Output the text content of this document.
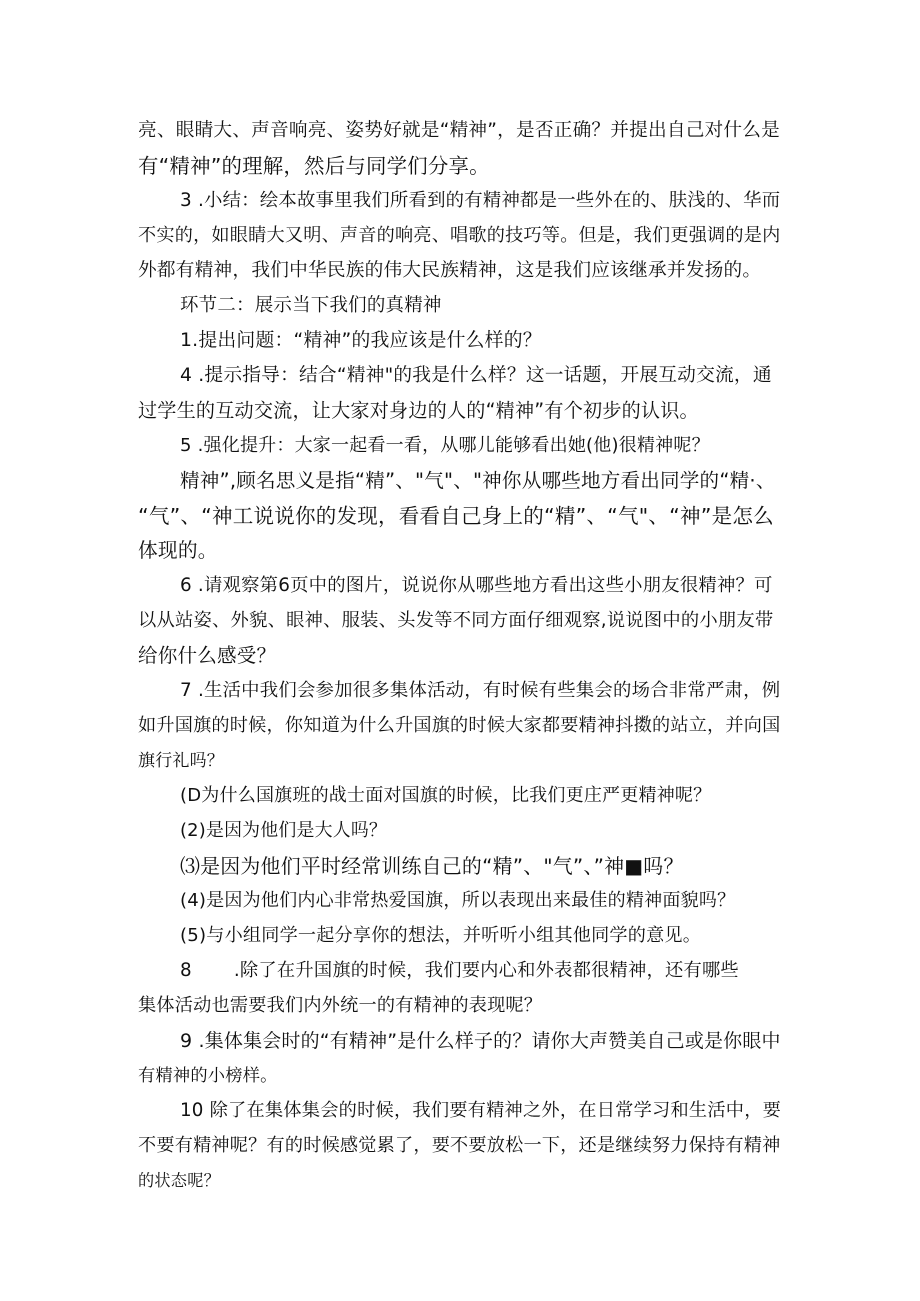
亮、眼睛大、声音响亮、姿势好就是“精神”，是否正确？并提出自己对什么是
有“精神”的理解，然后与同学们分享。
3 .小结：绘本故事里我们所看到的有精神都是一些外在的、肤浅的、华而
不实的，如眼睛大又明、声音的响亮、唱歌的技巧等。但是，我们更强调的是内
外都有精神，我们中华民族的伟大民族精神，这是我们应该继承并发扬的。
环节二：展示当下我们的真精神
1.提出问题：“精神”的我应该是什么样的？
4 .提示指导：结合“精神"的我是什么样？这一话题，开展互动交流，通
过学生的互动交流，让大家对身边的人的“精神”有个初步的认识。
5 .强化提升：大家一起看一看，从哪儿能够看出她(他)很精神呢？
精神”,顾名思义是指“精”、"气"、"神你从哪些地方看出同学的“精·、
“气”、“神工说说你的发现，看看自己身上的“精”、“气"、“神”是怎么
体现的。
6 .请观察第6页中的图片，说说你从哪些地方看出这些小朋友很精神？可
以从站姿、外貌、眼神、服装、头发等不同方面仔细观察,说说图中的小朋友带
给你什么感受？
7 .生活中我们会参加很多集体活动，有时候有些集会的场合非常严肃，例
如升国旗的时候，你知道为什么升国旗的时候大家都要精神抖擞的站立，并向国
旗行礼吗？
(D为什么国旗班的战士面对国旗的时候，比我们更庄严更精神呢？
(2)是因为他们是大人吗？
⑶是因为他们平时经常训练自己的“精”、"气”、”神■吗？
(4)是因为他们内心非常热爱国旗，所以表现出来最佳的精神面貌吗？
(5)与小组同学一起分享你的想法，并听听小组其他同学的意见。
8       .除了在升国旗的时候，我们要内心和外表都很精神，还有哪些
集体活动也需要我们内外统一的有精神的表现呢？
9 .集体集会时的“有精神”是什么样子的？请你大声赞美自己或是你眼中
有精神的小榜样。
10 除了在集体集会的时候，我们要有精神之外，在日常学习和生活中，要
不要有精神呢？有的时候感觉累了，要不要放松一下，还是继续努力保持有精神
的状态呢？
